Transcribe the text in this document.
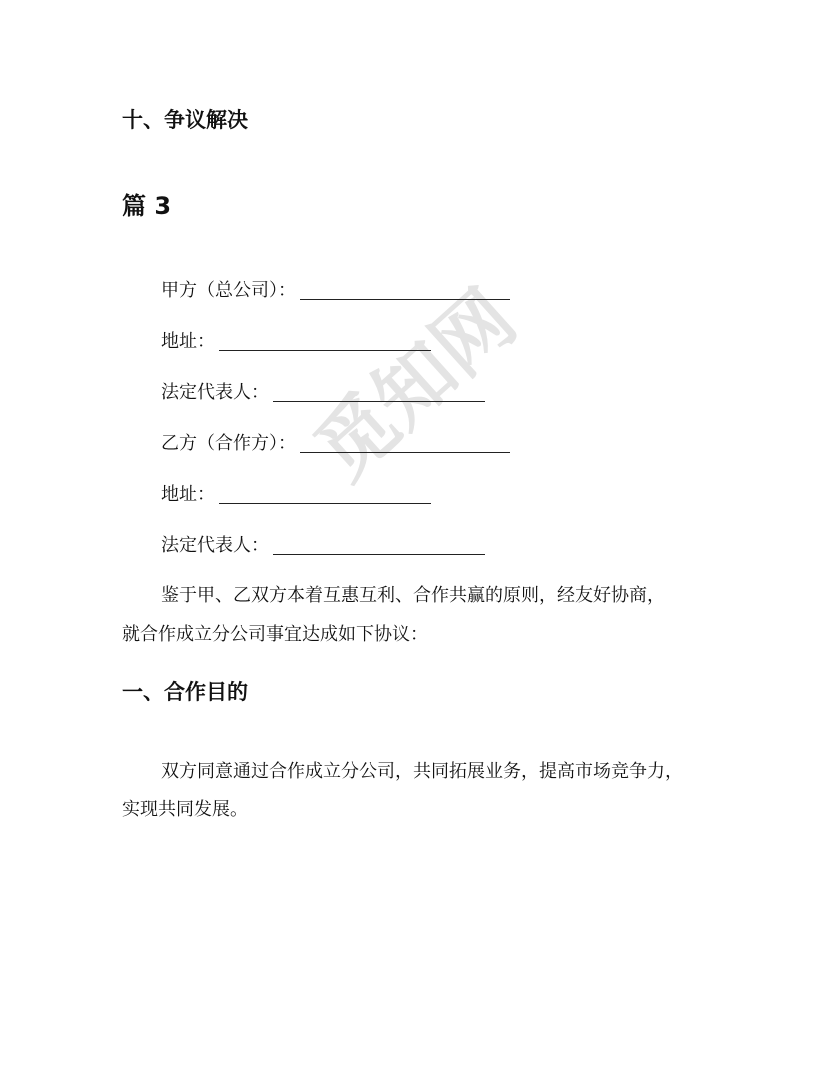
觅知网
十、争议解决
篇 3
甲方（总公司）：
地址：
法定代表人：
乙方（合作方）：
地址：
法定代表人：

鉴于甲、乙双方本着互惠互利、合作共赢的原则，经友好协商，

就合作成立分公司事宜达成如下协议：

一、合作目的

双方同意通过合作成立分公司，共同拓展业务，提高市场竞争力，

实现共同发展。
